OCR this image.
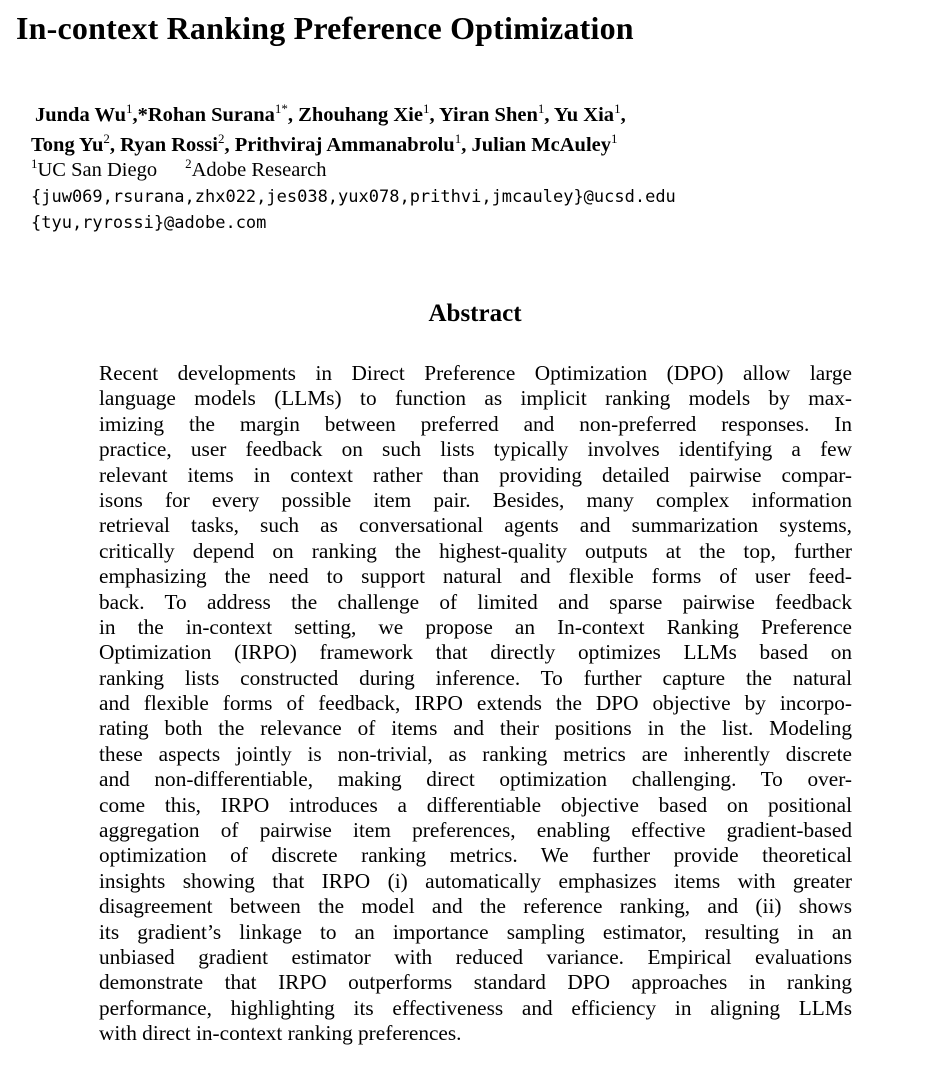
In-context Ranking Preference Optimization
Junda Wu$^1$,*Rohan Surana$^{1*}$, Zhouhang Xie$^1$, Yiran Shen$^1$, Yu Xia$^1$,
Tong Yu$^2$, Ryan Rossi$^2$, Prithviraj Ammanabrolu$^1$, Julian McAuley$^1$
$^1$UC San Diego $^2$Adobe Research
{juw069,rsurana,zhx022,jes038,yux078,prithvi,jmcauley}@ucsd.edu
{tyu,ryrossi}@adobe.com
Abstract
Recent developments in Direct Preference Optimization (DPO) allow large
language models (LLMs) to function as implicit ranking models by max-
imizing the margin between preferred and non-preferred responses. In
practice, user feedback on such lists typically involves identifying a few
relevant items in context rather than providing detailed pairwise compar-
isons for every possible item pair. Besides, many complex information
retrieval tasks, such as conversational agents and summarization systems,
critically depend on ranking the highest-quality outputs at the top, further
emphasizing the need to support natural and flexible forms of user feed-
back. To address the challenge of limited and sparse pairwise feedback
in the in-context setting, we propose an In-context Ranking Preference
Optimization (IRPO) framework that directly optimizes LLMs based on
ranking lists constructed during inference. To further capture the natural
and flexible forms of feedback, IRPO extends the DPO objective by incorpo-
rating both the relevance of items and their positions in the list. Modeling
these aspects jointly is non-trivial, as ranking metrics are inherently discrete
and non-differentiable, making direct optimization challenging. To over-
come this, IRPO introduces a differentiable objective based on positional
aggregation of pairwise item preferences, enabling effective gradient-based
optimization of discrete ranking metrics. We further provide theoretical
insights showing that IRPO (i) automatically emphasizes items with greater
disagreement between the model and the reference ranking, and (ii) shows
its gradient’s linkage to an importance sampling estimator, resulting in an
unbiased gradient estimator with reduced variance. Empirical evaluations
demonstrate that IRPO outperforms standard DPO approaches in ranking
performance, highlighting its effectiveness and efficiency in aligning LLMs
with direct in-context ranking preferences.
